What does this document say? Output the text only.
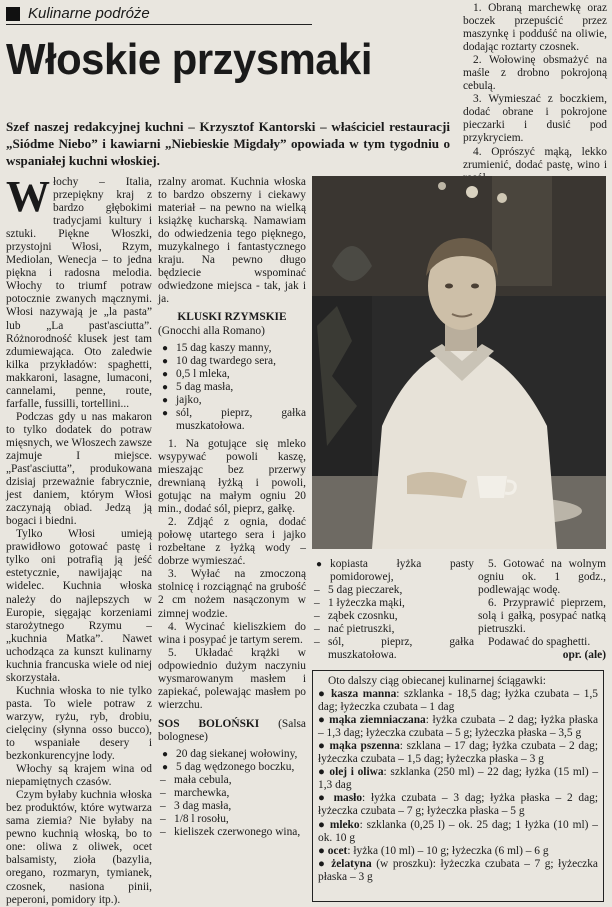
Kulinarne podróże
Włoskie przysmaki
1. Obraną marchewkę oraz boczek przepuścić przez maszynkę i podduść na oliwie, dodając roztarty czosnek.
2. Wołowinę obsmażyć na maśle z drobno pokrojoną cebulą.
3. Wymieszać z boczkiem, dodać obrane i pokrojone pieczarki i dusić pod przykryciem.
4. Oprószyć mąką, lekko zrumienić, dodać pastę, wino i
Szef naszej redakcyjnej kuchni – Krzysztof Kantorski – właściciel restauracji „Siódme Niebo” i kawiarni „Niebieskie Migdały” opowiada w tym tygodniu o wspaniałej kuchni włoskiej.

Włochy – Italia, przepiękny kraj z bardzo głębokimi tradycjami kultury i sztuki. Piękne Włoszki, przystojni Włosi, Rzym, Mediolan, Wenecja – to jedna piękna i radosna melodia. Włochy to triumf potraw potocznie zwanych mącznymi. Włosi nazywają je „la pasta” lub „La past'asciutta”. Różnorodność klusek jest tam zdumiewająca. Oto zaledwie kilka przykładów: spaghetti, makkaroni, lasagne, lumaconi, cannelami, penne, route, farfalle, fussilli, tortellini...

Podczas gdy u nas makaron to tylko dodatek do potraw mięsnych, we Włoszech zawsze zajmuje I miejsce. „Past'asciutta”, produkowana dzisiaj przeważnie fabrycznie, jest daniem, którym Włosi zaczynają obiad. Jedzą ją bogaci i biedni.

Tylko Włosi umieją prawidłowo gotować pastę i tylko oni potrafią ją jeść estetycznie, nawijając na widelec. Kuchnia włoska należy do najlepszych w Europie, sięgając korzeniami starożytnego Rzymu – „kuchnia Matka”. Nawet uchodząca za kunszt kulinarny kuchnia francuska wiele od niej skorzystała.

Kuchnia włoska to nie tylko pasta. To wiele potraw z warzyw, ryżu, ryb, drobiu, cielęciny (słynna osso bucco), to wspaniałe desery i bezkonkurencyjne lody.

Włochy są krajem wina od niepamiętnych czasów.

Czym byłaby kuchnia włoska bez produktów, które wytwarza sama ziemia? Nie byłaby na pewno kuchnią włoską, bo to one: oliwa z oliwek, ocet balsamisty, zioła (bazylia, oregano, rozmaryn, tymianek, czosnek, nasiona pinii, peperoni, pomidory itp.).

rzalny aromat. Kuchnia włoska to bardzo obszerny i ciekawy materiał – na pewno na wielką książkę kucharską. Namawiam do odwiedzenia tego pięknego, muzykalnego i fantastycznego kraju. Na pewno długo będziecie wspominać odwiedzone miejsca - tak, jak i ja.

KLUSKI RZYMSKIE

(Gnocchi alla Romano)

● 15 dag kaszy manny,
● 10 dag twardego sera,
● 0,5 l mleka,
● 5 dag masła,
● jajko,
● sól, pieprz, gałka muszkatołowa.

1. Na gotujące się mleko wsypywać powoli kaszę, mieszając bez przerwy drewnianą łyżką i powoli, gotując na małym ogniu 20 min., dodać sól, pieprz, gałkę.

2. Zdjąć z ognia, dodać połowę utartego sera i jajko rozbełtane z łyżką wody – dobrze wymieszać.

3. Wyłać na zmoczoną stolnicę i rozciągnąć na grubość 2 cm nożem nasączonym w zimnej wodzie.

4. Wycinać kieliszkiem do wina i posypać je tartym serem.

5. Układać krążki w odpowiednio dużym naczyniu wysmarowanym masłem i zapiekać, polewając masłem po wierzchu.

SOS BOLOŃSKI (Salsa bolognese)

● 20 dag siekanej wołowiny,
● 5 dag wędzonego boczku,
– mała cebula,
– marchewka,
– 3 dag masła,
– 1/8 l rosołu,
– kieliszek czerwonego wina,
● kopiasta łyżka pasty pomidorowej,
– 5 dag pieczarek,
– 1 łyżeczka mąki,
– ząbek czosnku,
– nać pietruszki,
– sól, pieprz, gałka muszkatołowa.

5. Gotować na wolnym ogniu ok. 1 godz., podlewając wodę.

6. Przyprawić pieprzem, solą i gałką, posypać natką pietruszki.

Podawać do spaghetti.

opr. (ale)

Oto dalszy ciąg obiecanej kulinarnej ściągawki:

● kasza manna: szklanka - 18,5 dag; łyżka czubata – 1,5 dag; łyżeczka czubata – 1 dag

● mąka ziemniaczana: łyżka czubata – 2 dag; łyżka płaska – 1,3 dag; łyżeczka czubata – 5 g; łyżeczka płaska – 3,5 g

● mąka pszenna: szklana – 17 dag; łyżka czubata – 2 dag; łyżeczka czubata – 1,5 dag; łyżeczka płaska – 3 g

● olej i oliwa: szklanka (250 ml) – 22 dag; łyżka (15 ml) – 1,3 dag

● masło: łyżka czubata – 3 dag; łyżka płaska – 2 dag; łyżeczka czubata – 7 g; łyżeczka płaska – 5 g

● mleko: szklanka (0,25 l) – ok. 25 dag; 1 łyżka (10 ml) – ok. 10 g

● ocet: łyżka (10 ml) – 10 g; łyżeczka (6 ml) – 6 g

● żelatyna (w proszku): łyżeczka czubata – 7 g; łyżeczka płaska – 3 g
